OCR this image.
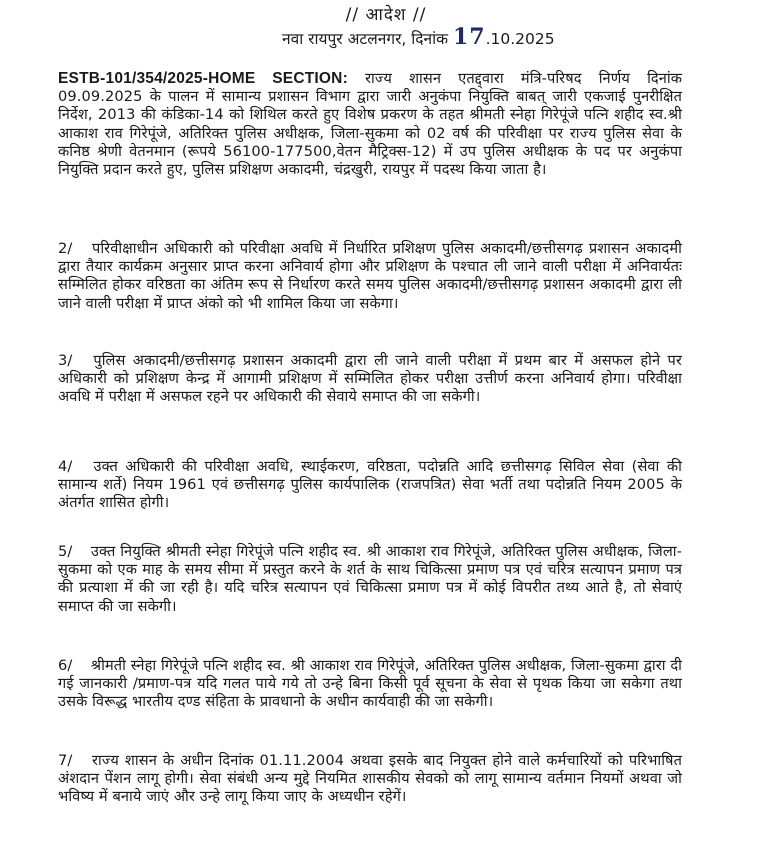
// आदेश //
नवा रायपुर अटलनगर, दिनांक 17.10.2025
ESTB-101/354/2025-HOME SECTION: राज्य शासन एतद्द्वारा मंत्रि-परिषद निर्णय दिनांक 09.09.2025 के पालन में सामान्य प्रशासन विभाग द्वारा जारी अनुकंपा नियुक्ति बाबत् जारी एकजाई पुनरीक्षित निर्देश, 2013 की कंडिका-14 को शिथिल करते हुए विशेष प्रकरण के तहत श्रीमती स्नेहा गिरेपूंजे पत्नि शहीद स्व.श्री आकाश राव गिरेपूंजे, अतिरिक्त पुलिस अधीक्षक, जिला-सुकमा को 02 वर्ष की परिवीक्षा पर राज्य पुलिस सेवा के कनिष्ठ श्रेणी वेतनमान (रूपये 56100-177500,वेतन मैट्रिक्स-12) में उप पुलिस अधीक्षक के पद पर अनुकंपा नियुक्ति प्रदान करते हुए, पुलिस प्रशिक्षण अकादमी, चंद्रखुरी, रायपुर में पदस्थ किया जाता है।
2/ परिवीक्षाधीन अधिकारी को परिवीक्षा अवधि में निर्धारित प्रशिक्षण पुलिस अकादमी/छत्तीसगढ़ प्रशासन अकादमी द्वारा तैयार कार्यक्रम अनुसार प्राप्त करना अनिवार्य होगा और प्रशिक्षण के पश्चात ली जाने वाली परीक्षा में अनिवार्यतः सम्मिलित होकर वरिष्ठता का अंतिम रूप से निर्धारण करते समय पुलिस अकादमी/छत्तीसगढ़ प्रशासन अकादमी द्वारा ली जाने वाली परीक्षा में प्राप्त अंको को भी शामिल किया जा सकेगा।
3/ पुलिस अकादमी/छत्तीसगढ़ प्रशासन अकादमी द्वारा ली जाने वाली परीक्षा में प्रथम बार में असफल होने पर अधिकारी को प्रशिक्षण केन्द्र में आगामी प्रशिक्षण में सम्मिलित होकर परीक्षा उत्तीर्ण करना अनिवार्य होगा। परिवीक्षा अवधि में परीक्षा में असफल रहने पर अधिकारी की सेवाये समाप्त की जा सकेगी।
4/ उक्त अधिकारी की परिवीक्षा अवधि, स्थाईकरण, वरिष्ठता, पदोन्नति आदि छत्तीसगढ़ सिविल सेवा (सेवा की सामान्य शर्ते) नियम 1961 एवं छत्तीसगढ़ पुलिस कार्यपालिक (राजपत्रित) सेवा भर्ती तथा पदोन्नति नियम 2005 के अंतर्गत शासित होगी।
5/ उक्त नियुक्ति श्रीमती स्नेहा गिरेपूंजे पत्नि शहीद स्व. श्री आकाश राव गिरेपूंजे, अतिरिक्त पुलिस अधीक्षक, जिला-सुकमा को एक माह के समय सीमा में प्रस्तुत करने के शर्त के साथ चिकित्सा प्रमाण पत्र एवं चरित्र सत्यापन प्रमाण पत्र की प्रत्याशा में की जा रही है। यदि चरित्र सत्यापन एवं चिकित्सा प्रमाण पत्र में कोई विपरीत तथ्य आते है, तो सेवाएं समाप्त की जा सकेगी।
6/ श्रीमती स्नेहा गिरेपूंजे पत्नि शहीद स्व. श्री आकाश राव गिरेपूंजे, अतिरिक्त पुलिस अधीक्षक, जिला-सुकमा द्वारा दी गई जानकारी /प्रमाण-पत्र यदि गलत पाये गये तो उन्हे बिना किसी पूर्व सूचना के सेवा से पृथक किया जा सकेगा तथा उसके विरूद्ध भारतीय दण्ड संहिता के प्रावधानो के अधीन कार्यवाही की जा सकेगी।
7/ राज्य शासन के अधीन दिनांक 01.11.2004 अथवा इसके बाद नियुक्त होने वाले कर्मचारियों को परिभाषित अंशदान पेंशन लागू होगी। सेवा संबंधी अन्य मुद्दे नियमित शासकीय सेवको को लागू सामान्य वर्तमान नियमों अथवा जो भविष्य में बनाये जाएं और उन्हे लागू किया जाए के अध्यधीन रहेगें।
